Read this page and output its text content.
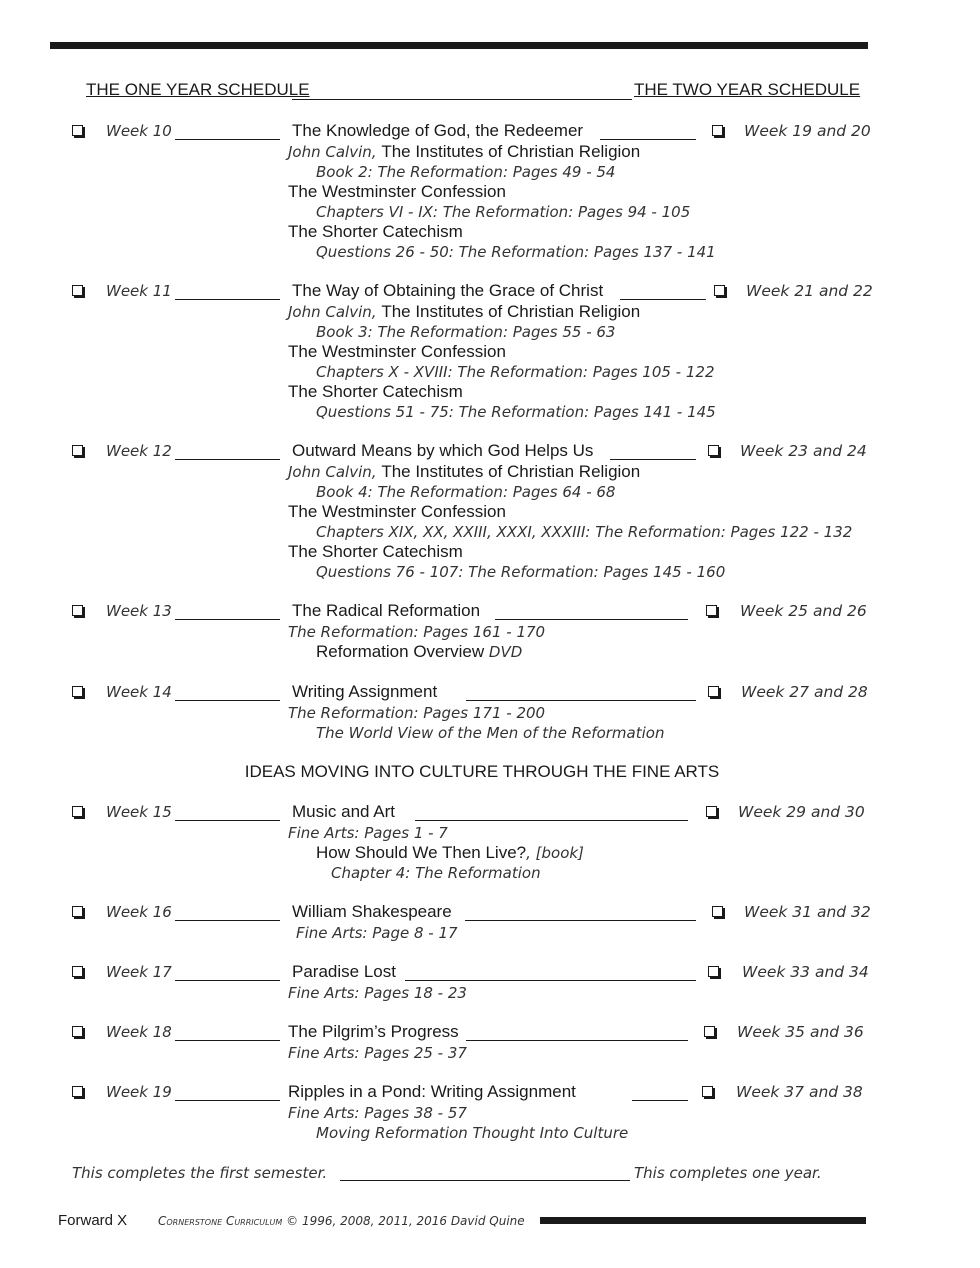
THE ONE YEAR SCHEDULE	THE TWO YEAR SCHEDULE
Week 10	The Knowledge of God, the Redeemer	Week 19 and 20
John Calvin, The Institutes of Christian Religion
Book 2: The Reformation: Pages 49 - 54
The Westminster Confession
Chapters VI - IX: The Reformation: Pages 94 - 105
The Shorter Catechism
Questions 26 - 50: The Reformation: Pages 137 - 141
Week 11	The Way of Obtaining the Grace of Christ	Week 21 and 22
John Calvin, The Institutes of Christian Religion
Book 3: The Reformation: Pages 55 - 63
The Westminster Confession
Chapters X - XVIII: The Reformation: Pages 105 - 122
The Shorter Catechism
Questions 51 - 75: The Reformation: Pages 141 - 145
Week 12	Outward Means by which God Helps Us	Week 23 and 24
John Calvin, The Institutes of Christian Religion
Book 4: The Reformation: Pages 64 - 68
The Westminster Confession
Chapters XIX, XX, XXIII, XXXI, XXXIII: The Reformation: Pages 122 - 132
The Shorter Catechism
Questions 76 - 107: The Reformation: Pages 145 - 160
Week 13	The Radical Reformation	Week 25 and 26
The Reformation: Pages 161 - 170
Reformation Overview DVD
Week 14	Writing Assignment	Week 27 and 28
The Reformation: Pages 171 - 200
The World View of the Men of the Reformation
Week 15	Music and Art	Week 29 and 30
Fine Arts: Pages 1 - 7
How Should We Then Live?, [book]
Chapter 4: The Reformation
Week 16	William Shakespeare	Week 31 and 32
Fine Arts: Page 8 - 17
Week 17	Paradise Lost	Week 33 and 34
Fine Arts: Pages 18 - 23
Week 18	The Pilgrim’s Progress	Week 35 and 36
Fine Arts: Pages 25 - 37
Week 19	Ripples in a Pond: Writing Assignment	Week 37 and 38
Fine Arts: Pages 38 - 57
Moving Reformation Thought Into Culture
IDEAS MOVING INTO CULTURE THROUGH THE FINE ARTS
This completes the first semester.	This completes one year.
Forward X	Cornerstone Curriculum © 1996, 2008, 2011, 2016 David Quine
